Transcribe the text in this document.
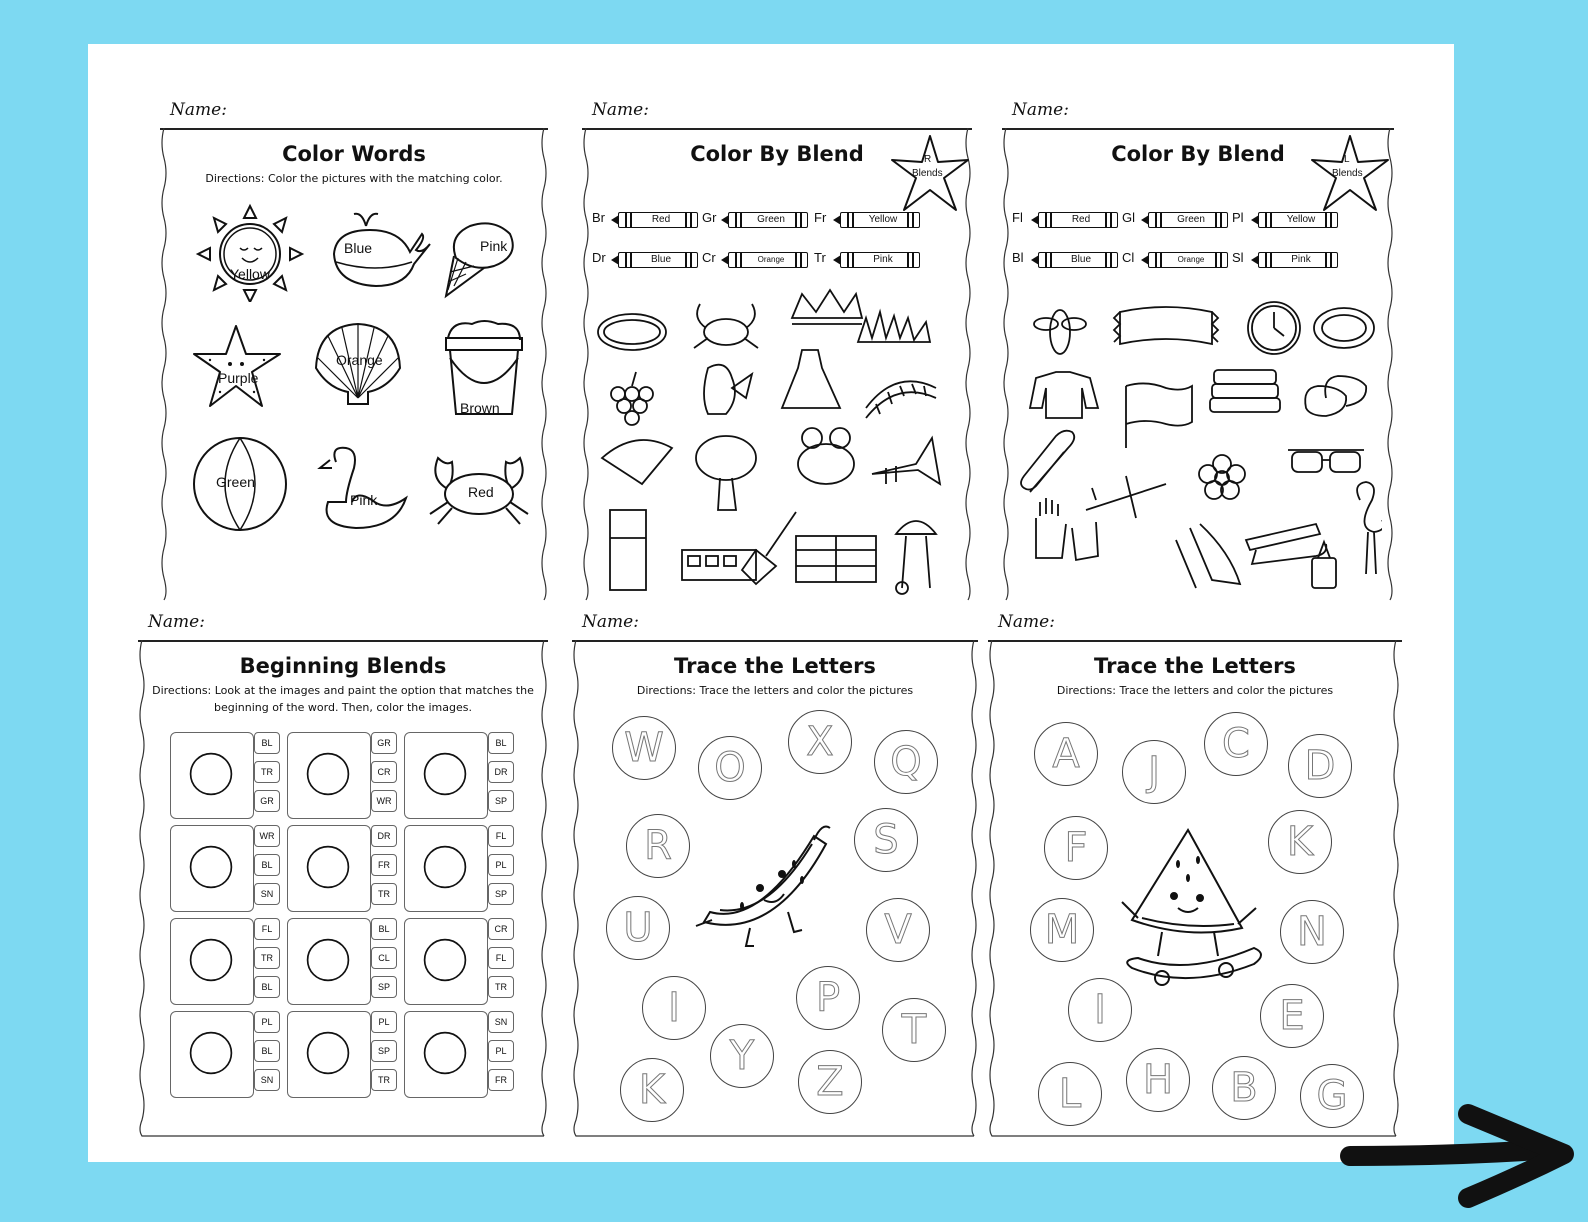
Name:
Color Words
Directions: Color the pictures with the matching color.
Yellow
Blue	Pink
Purple
Orange
Brown
Green
Pink	Red
Name:
Color By Blend	R
Blends
Br	Red	Gr	Green	Fr	Yellow
Dr	Blue	Cr	Orange	Tr	Pink
Name:
Color By Blend	L
Blends
Fl	Red	Gl	Green	Pl	Yellow
Bl	Blue	Cl	Orange	Sl	Pink
Name:
Beginning Blends
Directions: Look at the images and paint the option that matches the beginning of the word. Then, color the images.
BL
TR
GR
GR
CR
WR
BL
DR
SP
WR
BL
SN
DR
FR
TR
FL
PL
SP
FL
TR
BL
BL
CL
SP
CR
FL
TR
PL
BL
SN
PL
SP
TR
SN
PL
FR
Name:
Trace the Letters
Directions: Trace the letters and color the pictures
W	O
X	Q
R	S
U	V
I	P
T
K
Y
Z
Name:
Trace the Letters
Directions: Trace the letters and color the pictures
A	J
C	D
F	K
M	N
I	E
L	H	B	G
